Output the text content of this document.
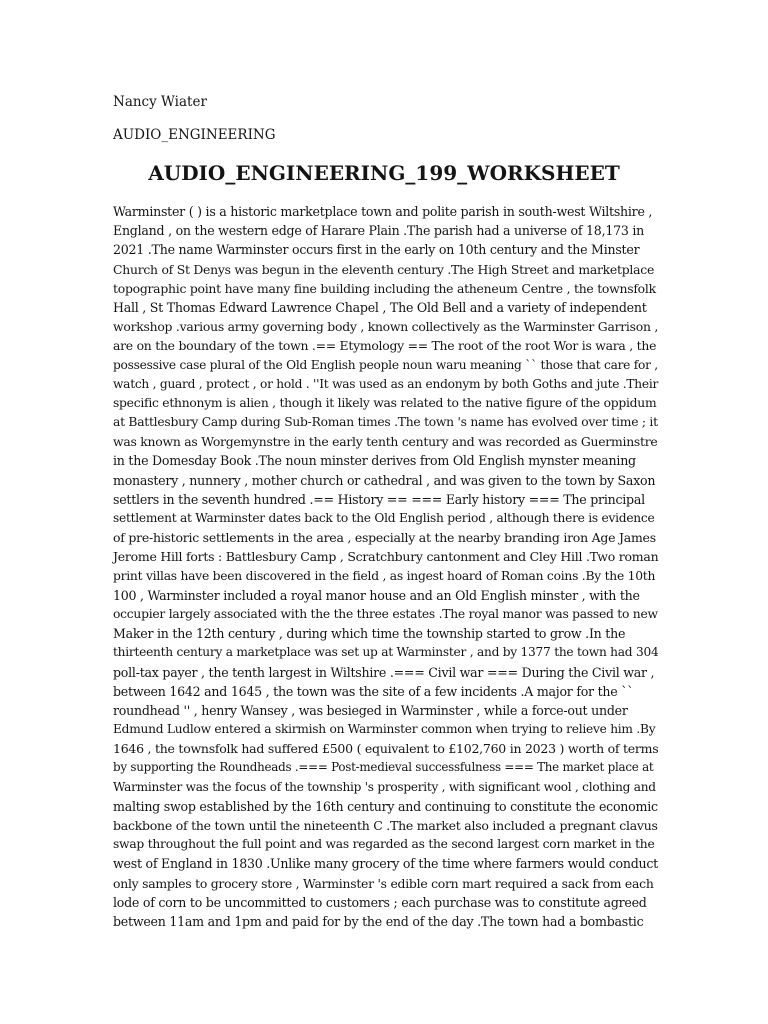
Nancy Wiater
AUDIO_ENGINEERING
AUDIO_ENGINEERING_199_WORKSHEET
Warminster ( ) is a historic marketplace town and polite parish in south-west Wiltshire ,
England , on the western edge of Harare Plain .The parish had a universe of 18,173 in
2021 .The name Warminster occurs first in the early on 10th century and the Minster
Church of St Denys was begun in the eleventh century .The High Street and marketplace
topographic point have many fine building including the atheneum Centre , the townsfolk
Hall , St Thomas Edward Lawrence Chapel , The Old Bell and a variety of independent
workshop .various army governing body , known collectively as the Warminster Garrison ,
are on the boundary of the town .== Etymology == The root of the root Wor is wara , the
possessive case plural of the Old English people noun waru meaning `` those that care for ,
watch , guard , protect , or hold . ''It was used as an endonym by both Goths and jute .Their
specific ethnonym is alien , though it likely was related to the native figure of the oppidum
at Battlesbury Camp during Sub-Roman times .The town 's name has evolved over time ; it
was known as Worgemynstre in the early tenth century and was recorded as Guerminstre
in the Domesday Book .The noun minster derives from Old English mynster meaning
monastery , nunnery , mother church or cathedral , and was given to the town by Saxon
settlers in the seventh hundred .== History == === Early history === The principal
settlement at Warminster dates back to the Old English period , although there is evidence
of pre-historic settlements in the area , especially at the nearby branding iron Age James
Jerome Hill forts : Battlesbury Camp , Scratchbury cantonment and Cley Hill .Two roman
print villas have been discovered in the field , as ingest hoard of Roman coins .By the 10th
100 , Warminster included a royal manor house and an Old English minster , with the
occupier largely associated with the the three estates .The royal manor was passed to new
Maker in the 12th century , during which time the township started to grow .In the
thirteenth century a marketplace was set up at Warminster , and by 1377 the town had 304
poll-tax payer , the tenth largest in Wiltshire .=== Civil war === During the Civil war ,
between 1642 and 1645 , the town was the site of a few incidents .A major for the ``
roundhead '' , henry Wansey , was besieged in Warminster , while a force-out under
Edmund Ludlow entered a skirmish on Warminster common when trying to relieve him .By
1646 , the townsfolk had suffered £500 ( equivalent to £102,760 in 2023 ) worth of terms
by supporting the Roundheads .=== Post-medieval successfulness === The market place at
Warminster was the focus of the township 's prosperity , with significant wool , clothing and
malting swop established by the 16th century and continuing to constitute the economic
backbone of the town until the nineteenth C .The market also included a pregnant clavus
swap throughout the full point and was regarded as the second largest corn market in the
west of England in 1830 .Unlike many grocery of the time where farmers would conduct
only samples to grocery store , Warminster 's edible corn mart required a sack from each
lode of corn to be uncommitted to customers ; each purchase was to constitute agreed
between 11am and 1pm and paid for by the end of the day .The town had a bombastic
